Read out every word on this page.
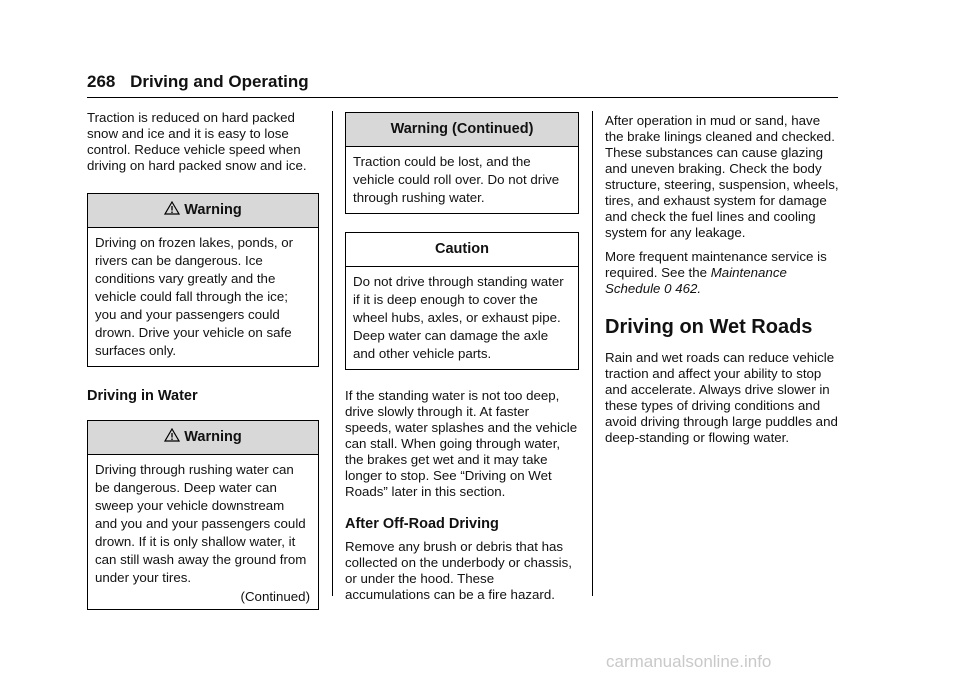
268 Driving and Operating

Traction is reduced on hard packed snow and ice and it is easy to lose control. Reduce vehicle speed when driving on hard packed snow and ice.

Warning
Driving on frozen lakes, ponds, or rivers can be dangerous. Ice conditions vary greatly and the vehicle could fall through the ice; you and your passengers could drown. Drive your vehicle on safe surfaces only.
Driving in Water
Warning
Driving through rushing water can be dangerous. Deep water can sweep your vehicle downstream and you and your passengers could drown. If it is only shallow water, it can still wash away the ground from under your tires.
(Continued)
Warning (Continued)
Traction could be lost, and the vehicle could roll over. Do not drive through rushing water.
Caution
Do not drive through standing water if it is deep enough to cover the wheel hubs, axles, or exhaust pipe. Deep water can damage the axle and other vehicle parts.

If the standing water is not too deep, drive slowly through it. At faster speeds, water splashes and the vehicle can stall. When going through water, the brakes get wet and it may take longer to stop. See “Driving on Wet Roads” later in this section.

After Off-Road Driving

Remove any brush or debris that has collected on the underbody or chassis, or under the hood. These accumulations can be a fire hazard.

After operation in mud or sand, have the brake linings cleaned and checked. These substances can cause glazing and uneven braking. Check the body structure, steering, suspension, wheels, tires, and exhaust system for damage and check the fuel lines and cooling system for any leakage.

More frequent maintenance service is required. See the Maintenance Schedule 0 462.

Driving on Wet Roads

Rain and wet roads can reduce vehicle traction and affect your ability to stop and accelerate. Always drive slower in these types of driving conditions and avoid driving through large puddles and deep-standing or flowing water.

carmanualsonline.info
